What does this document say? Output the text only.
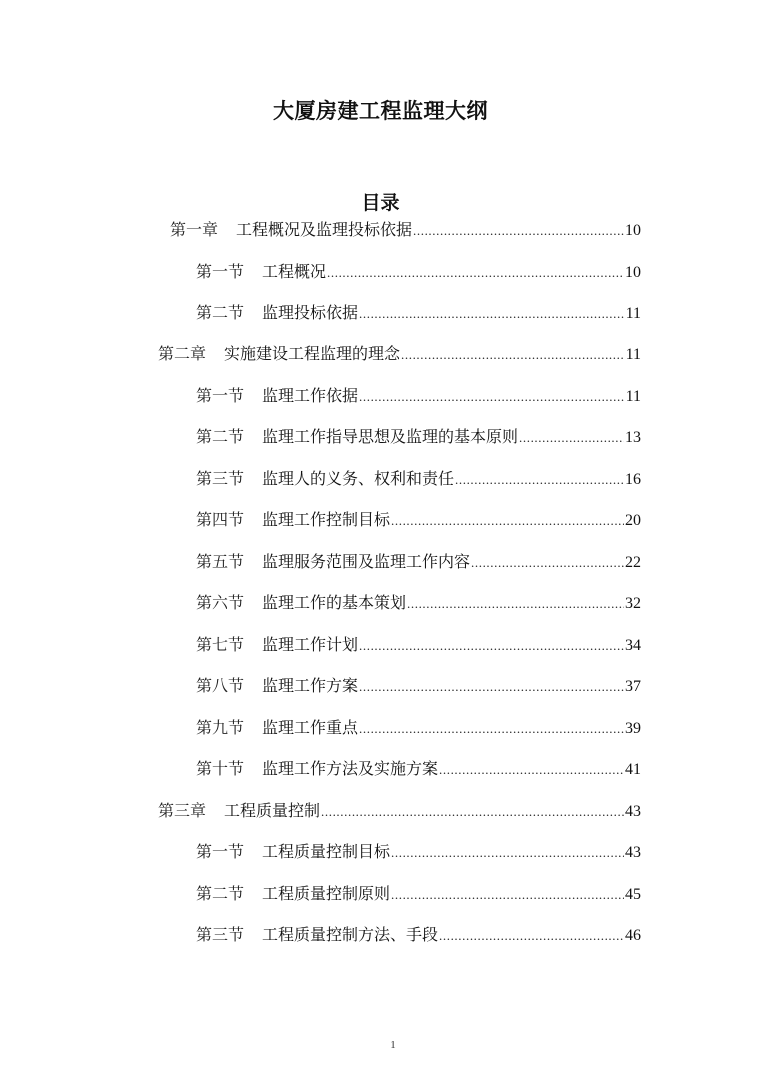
大厦房建工程监理大纲
目录
第一章	工程概况及监理投标依据 .....	10
第一节	工程概况 .....	10
第二节	监理投标依据 .....	11
第二章	实施建设工程监理的理念 .....	11
第一节	监理工作依据 .....	11
第二节	监理工作指导思想及监理的基本原则 .....	13
第三节	监理人的义务、权利和责任 .....	16
第四节	监理工作控制目标 .....	20
第五节	监理服务范围及监理工作内容 .....	22
第六节	监理工作的基本策划 .....	32
第七节	监理工作计划 .....	34
第八节	监理工作方案 .....	37
第九节	监理工作重点 .....	39
第十节	监理工作方法及实施方案 .....	41
第三章	工程质量控制 .....	43
第一节	工程质量控制目标 .....	43
第二节	工程质量控制原则 .....	45
第三节	工程质量控制方法、手段 .....	46
1
